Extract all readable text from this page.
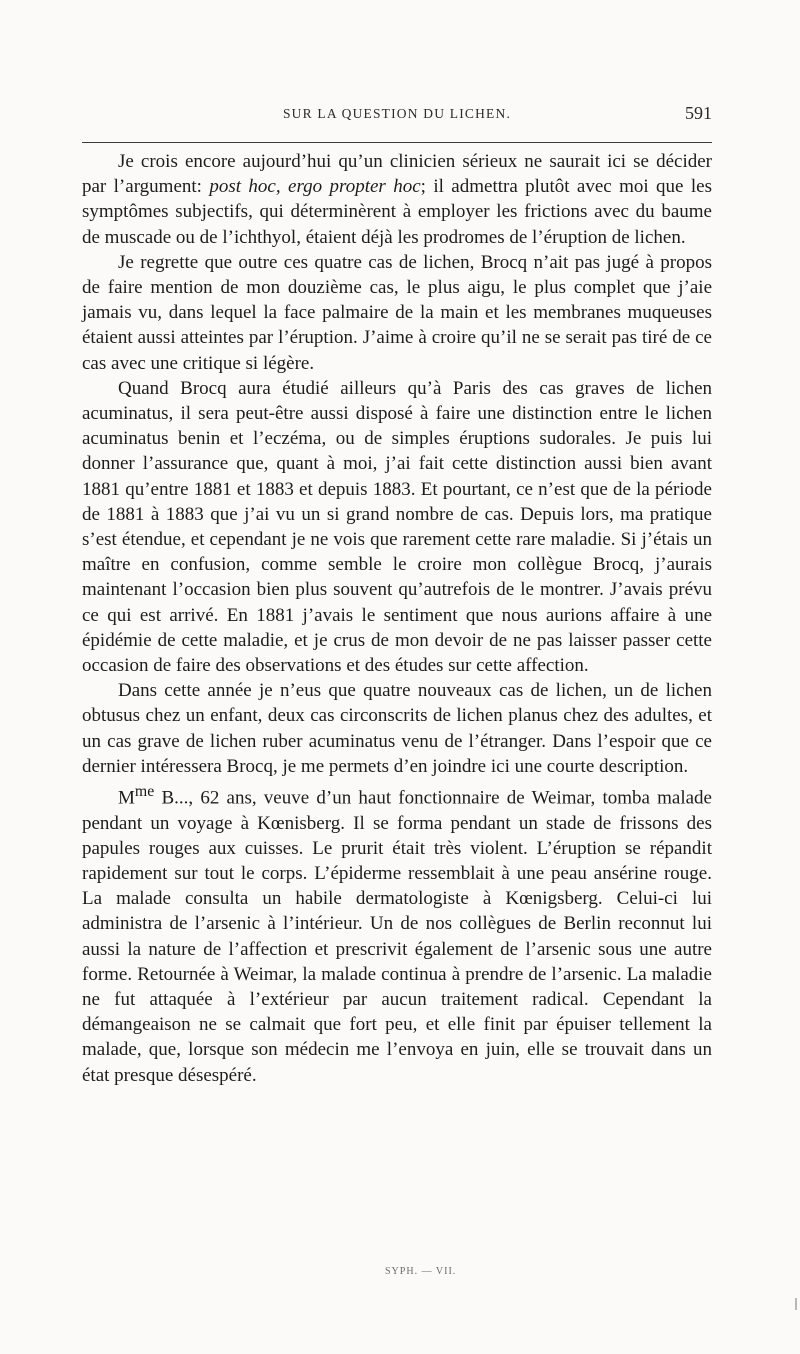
SUR LA QUESTION DU LICHEN.	591

Je crois encore aujourd’hui qu’un clinicien sérieux ne saurait ici se décider par l’argument: post hoc, ergo propter hoc; il admettra plutôt avec moi que les symptômes subjectifs, qui déterminèrent à employer les frictions avec du baume de muscade ou de l’ichthyol, étaient déjà les prodromes de l’éruption de lichen.

Je regrette que outre ces quatre cas de lichen, Brocq n’ait pas jugé à propos de faire mention de mon douzième cas, le plus aigu, le plus complet que j’aie jamais vu, dans lequel la face palmaire de la main et les membranes muqueuses étaient aussi atteintes par l’éruption. J’aime à croire qu’il ne se serait pas tiré de ce cas avec une critique si légère.

Quand Brocq aura étudié ailleurs qu’à Paris des cas graves de lichen acuminatus, il sera peut-être aussi disposé à faire une distinction entre le lichen acuminatus benin et l’eczéma, ou de simples éruptions sudorales. Je puis lui donner l’assurance que, quant à moi, j’ai fait cette distinction aussi bien avant 1881 qu’entre 1881 et 1883 et depuis 1883. Et pourtant, ce n’est que de la période de 1881 à 1883 que j’ai vu un si grand nombre de cas. Depuis lors, ma pratique s’est étendue, et cependant je ne vois que rarement cette rare maladie. Si j’étais un maître en confusion, comme semble le croire mon collègue Brocq, j’aurais maintenant l’occasion bien plus souvent qu’autrefois de le montrer. J’avais prévu ce qui est arrivé. En 1881 j’avais le sentiment que nous aurions affaire à une épidémie de cette maladie, et je crus de mon devoir de ne pas laisser passer cette occasion de faire des observations et des études sur cette affection.

Dans cette année je n’eus que quatre nouveaux cas de lichen, un de lichen obtusus chez un enfant, deux cas circonscrits de lichen planus chez des adultes, et un cas grave de lichen ruber acuminatus venu de l’étranger. Dans l’espoir que ce dernier intéressera Brocq, je me permets d’en joindre ici une courte description.

$M^{me}$ B..., 62 ans, veuve d’un haut fonctionnaire de Weimar, tomba malade pendant un voyage à Kœnisberg. Il se forma pendant un stade de frissons des papules rouges aux cuisses. Le prurit était très violent. L’éruption se répandit rapidement sur tout le corps. L’épiderme ressemblait à une peau ansérine rouge. La malade consulta un habile dermatologiste à Kœnigsberg. Celui-ci lui administra de l’arsenic à l’intérieur. Un de nos collègues de Berlin reconnut lui aussi la nature de l’affection et prescrivit également de l’arsenic sous une autre forme. Retournée à Weimar, la malade continua à prendre de l’arsenic. La maladie ne fut attaquée à l’extérieur par aucun traitement radical. Cependant la démangeaison ne se calmait que fort peu, et elle finit par épuiser tellement la malade, que, lorsque son médecin me l’envoya en juin, elle se trouvait dans un état presque désespéré.

SYPH. — VII.
